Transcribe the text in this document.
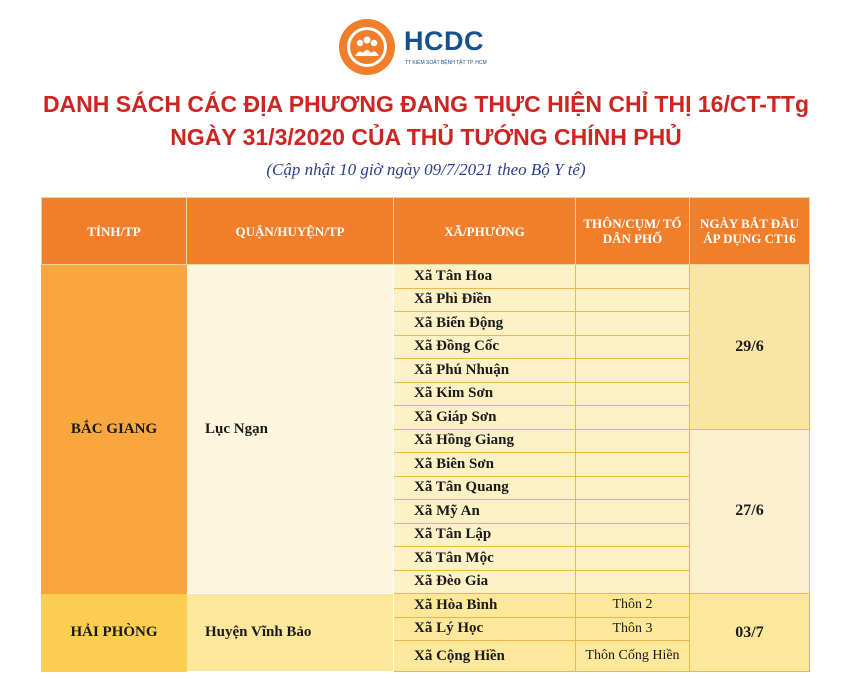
HCDC
TT KIỂM SOÁT BỆNH TẬT TP. HCM
DANH SÁCH CÁC ĐỊA PHƯƠNG ĐANG THỰC HIỆN CHỈ THỊ 16/CT-TTg
NGÀY 31/3/2020 CỦA THỦ TƯỚNG CHÍNH PHỦ
(Cập nhật 10 giờ ngày 09/7/2021 theo Bộ Y tế)
TỈNH/TP	QUẬN/HUYỆN/TP	XÃ/PHƯỜNG	THÔN/CỤM/ TỔ DÂN PHỐ	NGÀY BẮT ĐẦU ÁP DỤNG CT16
BẮC GIANG	Lục Ngạn	Xã Tân Hoa		29/6
		Xã Phì Điền		
		Xã Biển Động		
		Xã Đồng Cốc		
		Xã Phú Nhuận		
		Xã Kim Sơn		
		Xã Giáp Sơn		
		Xã Hồng Giang		27/6
		Xã Biên Sơn		
		Xã Tân Quang		
		Xã Mỹ An		
		Xã Tân Lập		
		Xã Tân Mộc		
		Xã Đèo Gia		
HẢI PHÒNG	Huyện Vĩnh Bảo	Xã Hòa Bình	Thôn 2	03/7
		Xã Lý Học	Thôn 3	
		Xã Cộng Hiền	Thôn Cống Hiền	
